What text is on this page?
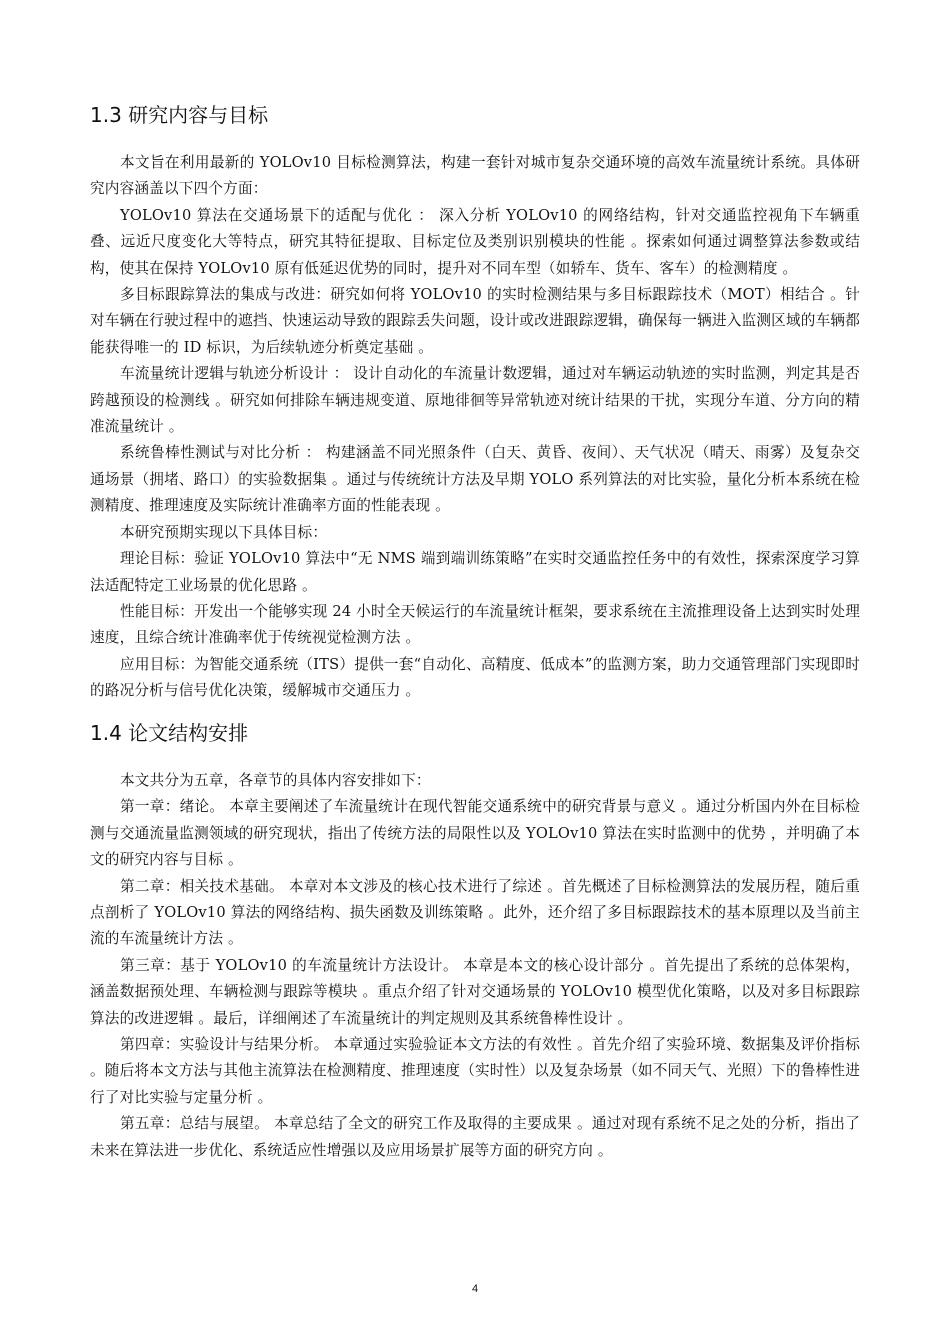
1.3 研究内容与目标

本文旨在利用最新的 YOLOv10 目标检测算法，构建一套针对城市复杂交通环境的高效车流量统计系统。具体研究内容涵盖以下四个方面：

YOLOv10 算法在交通场景下的适配与优化 ： 深入分析 YOLOv10 的网络结构，针对交通监控视角下车辆重叠、远近尺度变化大等特点，研究其特征提取、目标定位及类别识别模块的性能 。探索如何通过调整算法参数或结构，使其在保持 YOLOv10 原有低延迟优势的同时，提升对不同车型（如轿车、货车、客车）的检测精度 。

多目标跟踪算法的集成与改进：研究如何将 YOLOv10 的实时检测结果与多目标跟踪技术（MOT）相结合 。针对车辆在行驶过程中的遮挡、快速运动导致的跟踪丢失问题，设计或改进跟踪逻辑，确保每一辆进入监测区域的车辆都能获得唯一的 ID 标识，为后续轨迹分析奠定基础 。

车流量统计逻辑与轨迹分析设计 ： 设计自动化的车流量计数逻辑，通过对车辆运动轨迹的实时监测，判定其是否跨越预设的检测线 。研究如何排除车辆违规变道、原地徘徊等异常轨迹对统计结果的干扰，实现分车道、分方向的精准流量统计 。

系统鲁棒性测试与对比分析 ： 构建涵盖不同光照条件（白天、黄昏、夜间）、天气状况（晴天、雨雾）及复杂交通场景（拥堵、路口）的实验数据集 。通过与传统统计方法及早期 YOLO 系列算法的对比实验，量化分析本系统在检测精度、推理速度及实际统计准确率方面的性能表现 。

本研究预期实现以下具体目标：

理论目标：验证 YOLOv10 算法中“无 NMS 端到端训练策略”在实时交通监控任务中的有效性，探索深度学习算法适配特定工业场景的优化思路 。

性能目标：开发出一个能够实现 24 小时全天候运行的车流量统计框架，要求系统在主流推理设备上达到实时处理速度，且综合统计准确率优于传统视觉检测方法 。

应用目标：为智能交通系统（ITS）提供一套“自动化、高精度、低成本”的监测方案，助力交通管理部门实现即时的路况分析与信号优化决策，缓解城市交通压力 。

1.4 论文结构安排

本文共分为五章，各章节的具体内容安排如下：

第一章：绪论。 本章主要阐述了车流量统计在现代智能交通系统中的研究背景与意义 。通过分析国内外在目标检测与交通流量监测领域的研究现状，指出了传统方法的局限性以及 YOLOv10 算法在实时监测中的优势 ，并明确了本文的研究内容与目标 。

第二章：相关技术基础。 本章对本文涉及的核心技术进行了综述 。首先概述了目标检测算法的发展历程，随后重点剖析了 YOLOv10 算法的网络结构、损失函数及训练策略 。此外，还介绍了多目标跟踪技术的基本原理以及当前主流的车流量统计方法 。

第三章：基于 YOLOv10 的车流量统计方法设计。 本章是本文的核心设计部分 。首先提出了系统的总体架构，涵盖数据预处理、车辆检测与跟踪等模块 。重点介绍了针对交通场景的 YOLOv10 模型优化策略，以及对多目标跟踪算法的改进逻辑 。最后，详细阐述了车流量统计的判定规则及其系统鲁棒性设计 。

第四章：实验设计与结果分析。 本章通过实验验证本文方法的有效性 。首先介绍了实验环境、数据集及评价指标 。随后将本文方法与其他主流算法在检测精度、推理速度（实时性）以及复杂场景（如不同天气、光照）下的鲁棒性进行了对比实验与定量分析 。

第五章：总结与展望。 本章总结了全文的研究工作及取得的主要成果 。通过对现有系统不足之处的分析，指出了未来在算法进一步优化、系统适应性增强以及应用场景扩展等方面的研究方向 。

4
